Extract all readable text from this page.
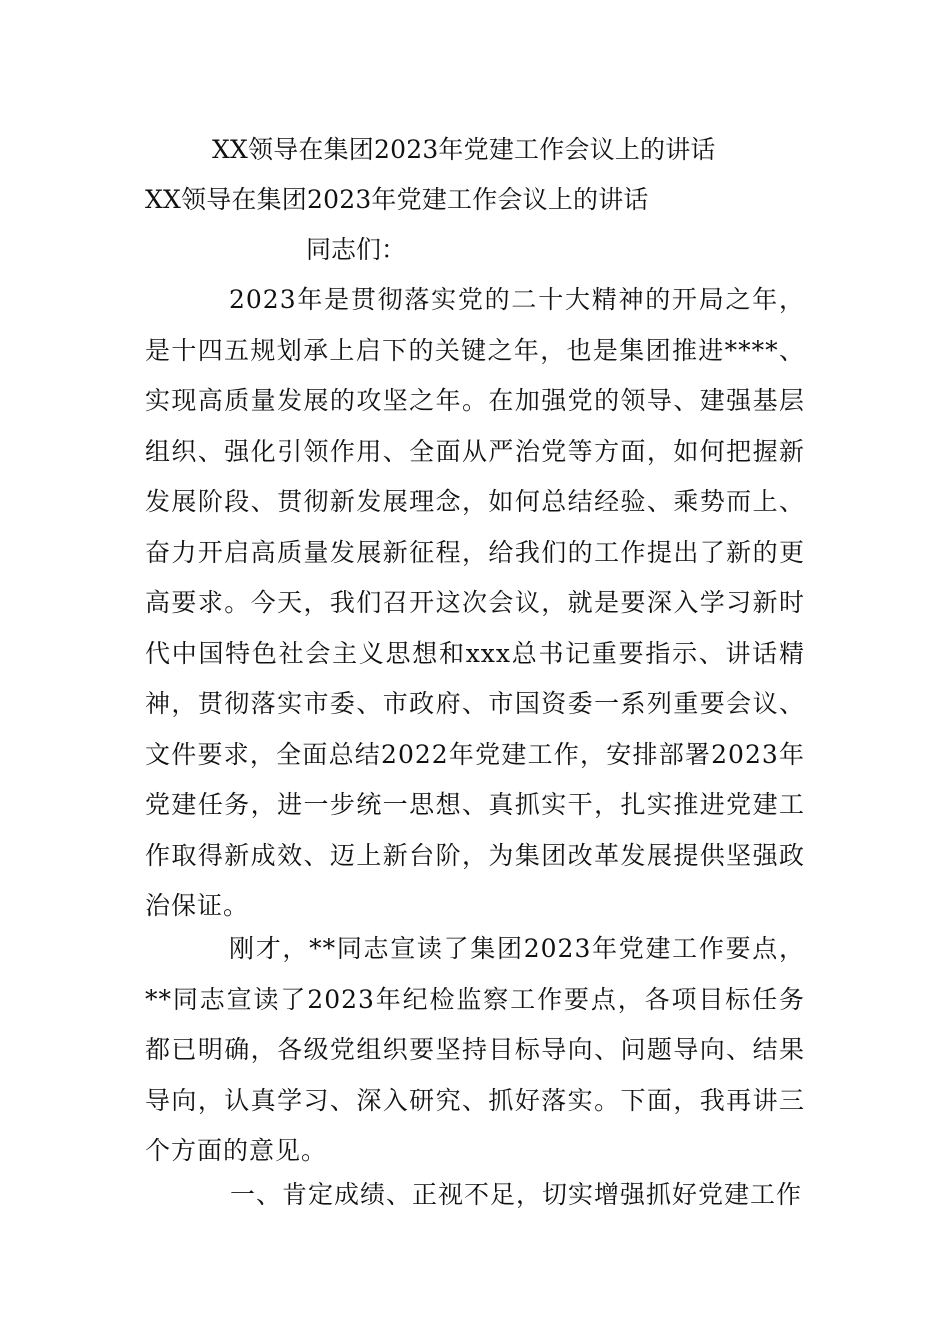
XX领导在集团2023年党建工作会议上的讲话
XX领导在集团2023年党建工作会议上的讲话
同志们：

2023年是贯彻落实党的二十大精神的开局之年，是十四五规划承上启下的关键之年，也是集团推进****、实现高质量发展的攻坚之年。在加强党的领导、建强基层组织、强化引领作用、全面从严治党等方面，如何把握新发展阶段、贯彻新发展理念，如何总结经验、乘势而上、奋力开启高质量发展新征程，给我们的工作提出了新的更高要求。今天，我们召开这次会议，就是要深入学习新时代中国特色社会主义思想和xxx总书记重要指示、讲话精神，贯彻落实市委、市政府、市国资委一系列重要会议、文件要求，全面总结2022年党建工作，安排部署2023年党建任务，进一步统一思想、真抓实干，扎实推进党建工作取得新成效、迈上新台阶，为集团改革发展提供坚强政治保证。

刚才，**同志宣读了集团2023年党建工作要点，**同志宣读了2023年纪检监察工作要点，各项目标任务都已明确，各级党组织要坚持目标导向、问题导向、结果导向，认真学习、深入研究、抓好落实。下面，我再讲三个方面的意见。

一、肯定成绩、正视不足，切实增强抓好党建工作
